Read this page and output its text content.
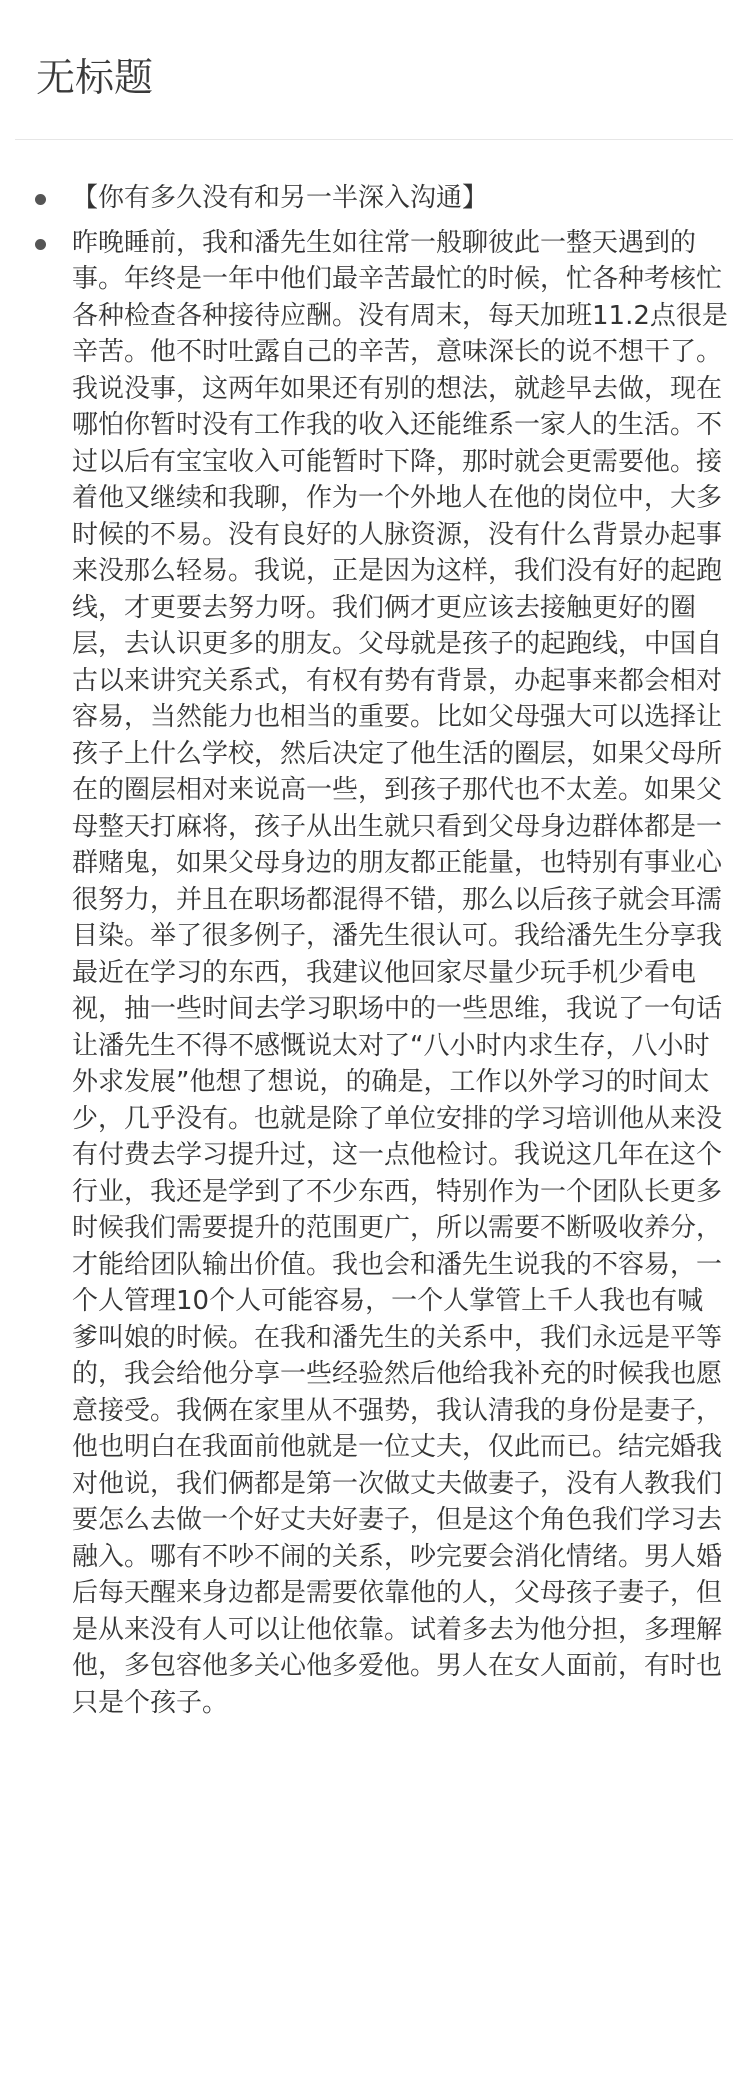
无标题
【你有多久没有和另一半深入沟通】
昨晚睡前，我和潘先生如往常一般聊彼此一整天遇到的事。年终是一年中他们最辛苦最忙的时候，忙各种考核忙各种检查各种接待应酬。没有周末，每天加班11.2点很是辛苦。他不时吐露自己的辛苦，意味深长的说不想干了。我说没事，这两年如果还有别的想法，就趁早去做，现在哪怕你暂时没有工作我的收入还能维系一家人的生活。不过以后有宝宝收入可能暂时下降，那时就会更需要他。接着他又继续和我聊，作为一个外地人在他的岗位中，大多时候的不易。没有良好的人脉资源，没有什么背景办起事来没那么轻易。我说，正是因为这样，我们没有好的起跑线，才更要去努力呀。我们俩才更应该去接触更好的圈层，去认识更多的朋友。父母就是孩子的起跑线，中国自古以来讲究关系式，有权有势有背景，办起事来都会相对容易，当然能力也相当的重要。比如父母强大可以选择让孩子上什么学校，然后决定了他生活的圈层，如果父母所在的圈层相对来说高一些，到孩子那代也不太差。如果父母整天打麻将，孩子从出生就只看到父母身边群体都是一群赌鬼，如果父母身边的朋友都正能量，也特别有事业心很努力，并且在职场都混得不错，那么以后孩子就会耳濡目染。举了很多例子，潘先生很认可。我给潘先生分享我最近在学习的东西，我建议他回家尽量少玩手机少看电视，抽一些时间去学习职场中的一些思维，我说了一句话让潘先生不得不感慨说太对了“八小时内求生存，八小时外求发展”他想了想说，的确是，工作以外学习的时间太少，几乎没有。也就是除了单位安排的学习培训他从来没有付费去学习提升过，这一点他检讨。我说这几年在这个行业，我还是学到了不少东西，特别作为一个团队长更多时候我们需要提升的范围更广，所以需要不断吸收养分，才能给团队输出价值。我也会和潘先生说我的不容易，一个人管理10个人可能容易，一个人掌管上千人我也有喊爹叫娘的时候。在我和潘先生的关系中，我们永远是平等的，我会给他分享一些经验然后他给我补充的时候我也愿意接受。我俩在家里从不强势，我认清我的身份是妻子，他也明白在我面前他就是一位丈夫，仅此而已。结完婚我对他说，我们俩都是第一次做丈夫做妻子，没有人教我们要怎么去做一个好丈夫好妻子，但是这个角色我们学习去融入。哪有不吵不闹的关系，吵完要会消化情绪。男人婚后每天醒来身边都是需要依靠他的人，父母孩子妻子，但是从来没有人可以让他依靠。试着多去为他分担，多理解他，多包容他多关心他多爱他。男人在女人面前，有时也只是个孩子。
